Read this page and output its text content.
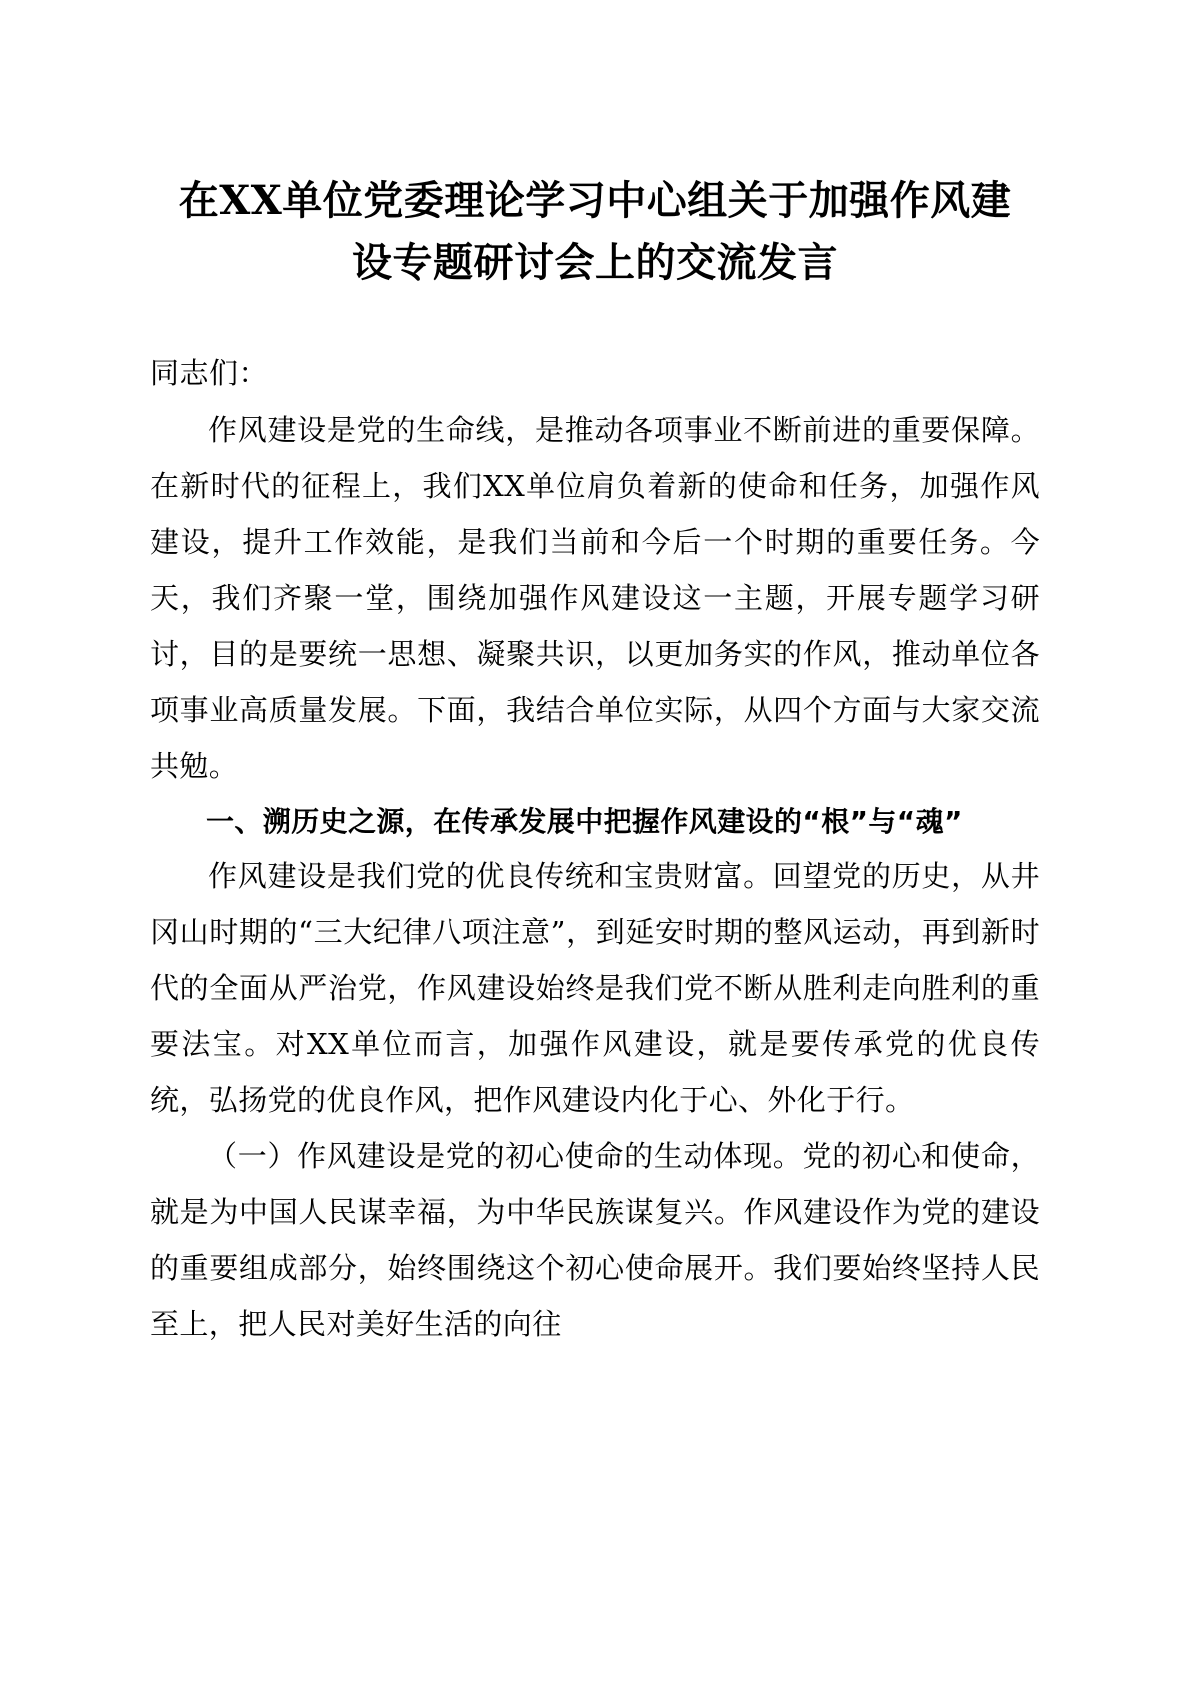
在XX单位党委理论学习中心组关于加强作风建设专题研讨会上的交流发言
同志们：

作风建设是党的生命线，是推动各项事业不断前进的重要保障。在新时代的征程上，我们XX单位肩负着新的使命和任务，加强作风建设，提升工作效能，是我们当前和今后一个时期的重要任务。今天，我们齐聚一堂，围绕加强作风建设这一主题，开展专题学习研讨，目的是要统一思想、凝聚共识，以更加务实的作风，推动单位各项事业高质量发展。下面，我结合单位实际，从四个方面与大家交流共勉。

一、溯历史之源，在传承发展中把握作风建设的“根”与“魂”

作风建设是我们党的优良传统和宝贵财富。回望党的历史，从井冈山时期的“三大纪律八项注意”，到延安时期的整风运动，再到新时代的全面从严治党，作风建设始终是我们党不断从胜利走向胜利的重要法宝。对XX单位而言，加强作风建设，就是要传承党的优良传统，弘扬党的优良作风，把作风建设内化于心、外化于行。

（一）作风建设是党的初心使命的生动体现。党的初心和使命，就是为中国人民谋幸福，为中华民族谋复兴。作风建设作为党的建设的重要组成部分，始终围绕这个初心使命展开。我们要始终坚持人民至上，把人民对美好生活的向往
